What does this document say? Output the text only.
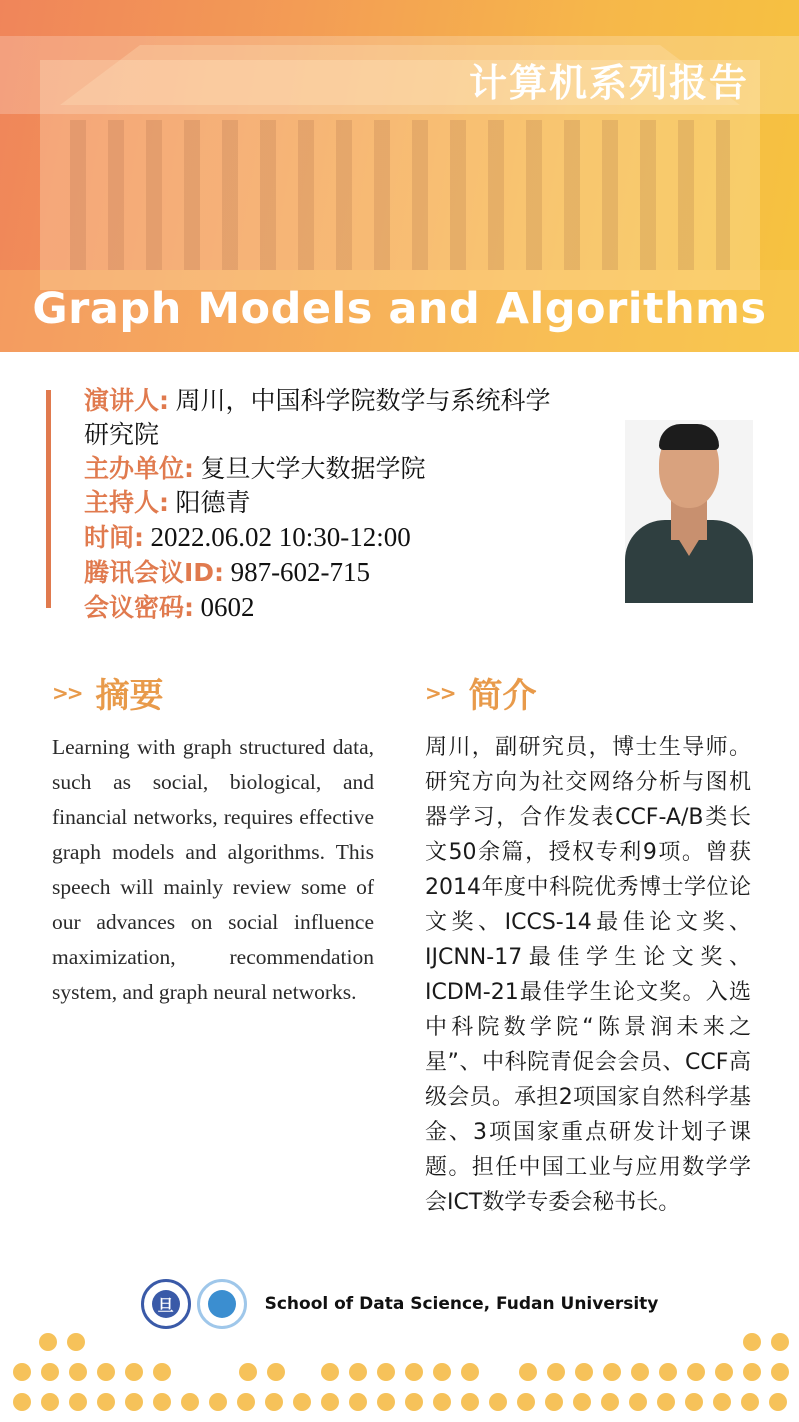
计算机系列报告
Graph Models and Algorithms
演讲人: 周川，中国科学院数学与系统科学
研究院
主办单位: 复旦大学大数据学院
主持人: 阳德青
时间: 2022.06.02 10:30-12:00
腾讯会议ID: 987-602-715
会议密码: 0602
>> 摘要
Learning with graph structured data, such as social, biological, and financial networks, requires effective graph models and algorithms. This speech will mainly review some of our advances on social influence maximization, recommendation system, and graph neural networks.
>> 简介
周川，副研究员，博士生导师。研究方向为社交网络分析与图机器学习，合作发表CCF-A/B类长文50余篇，授权专利9项。曾获2014年度中科院优秀博士学位论文奖、ICCS-14最佳论文奖、IJCNN-17最佳学生论文奖、ICDM-21最佳学生论文奖。入选中科院数学院“陈景润未来之星”、中科院青促会会员、CCF高级会员。承担2项国家自然科学基金、3项国家重点研发计划子课题。担任中国工业与应用数学学会ICT数学专委会秘书长。
旦	School of Data Science, Fudan University
